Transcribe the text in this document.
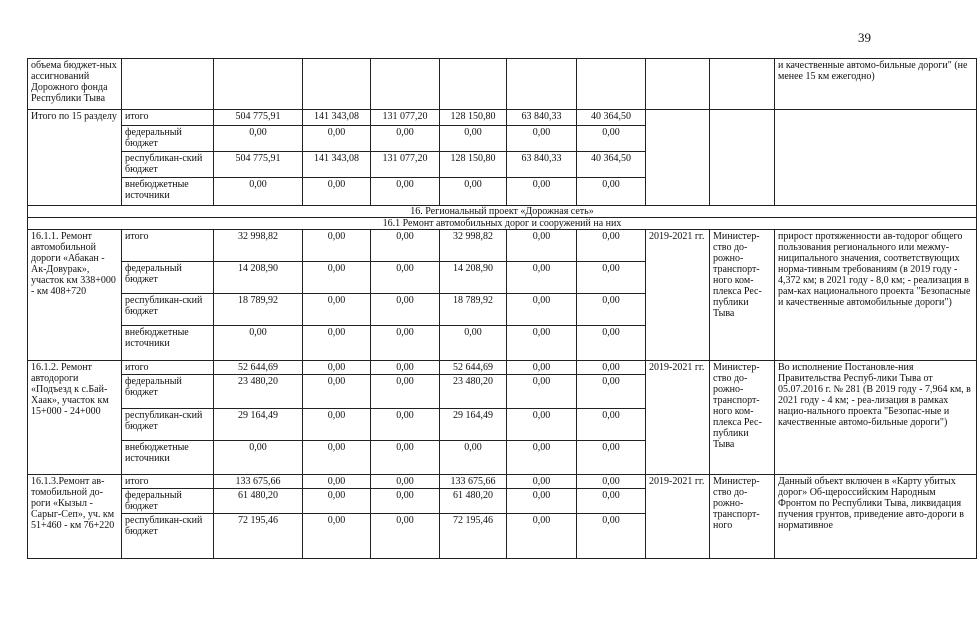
39
объема бюджет-ных ассигнований Дорожного фонда Республики Тыва										и качественные автомо-бильные дороги" (не менее 15 км ежегодно)
Итого по 15 разделу	итого	504 775,91	141 343,08	131 077,20	128 150,80	63 840,33	40 364,50			
	федеральный бюджет	0,00	0,00	0,00	0,00	0,00	0,00			
	республикан-ский бюджет	504 775,91	141 343,08	131 077,20	128 150,80	63 840,33	40 364,50			
	внебюджетные источники	0,00	0,00	0,00	0,00	0,00	0,00			
16. Региональный проект «Дорожная сеть»										
16.1 Ремонт автомобильных дорог и сооружений на них										
16.1.1. Ремонт автомобильной дороги «Абакан - Ак-Довурак», участок км 338+000 - км 408+720	итого	32 998,82	0,00	0,00	32 998,82	0,00	0,00	2019-2021 гг.	Министер-ство до-рожно-транспорт-ного ком-плекса Рес-публики Тыва	прирост протяженности ав-тодорог общего пользования регионального или межму-ниципального значения, соответствующих норма-тивным требованиям (в 2019 году - 4,372 км; в 2021 году - 8,0 км; - реализация в рам-ках национального проекта "Безопасные и качественные автомобильные дороги")
	федеральный бюджет	14 208,90	0,00	0,00	14 208,90	0,00	0,00			
	республикан-ский бюджет	18 789,92	0,00	0,00	18 789,92	0,00	0,00			
	внебюджетные источники	0,00	0,00	0,00	0,00	0,00	0,00			
16.1.2. Ремонт автодороги «Подъезд к с.Бай-Хаак», участок км 15+000 - 24+000	итого	52 644,69	0,00	0,00	52 644,69	0,00	0,00	2019-2021 гг.	Министер-ство до-рожно-транспорт-ного ком-плекса Рес-публики Тыва	Во исполнение Постановле-ния Правительства Респуб-лики Тыва от 05.07.2016 г. № 281 (В 2019 году - 7,964 км, в 2021 году - 4 км; - реа-лизация в рамках нацио-нального проекта "Безопас-ные и качественные автомо-бильные дороги")
	федеральный бюджет	23 480,20	0,00	0,00	23 480,20	0,00	0,00			
	республикан-ский бюджет	29 164,49	0,00	0,00	29 164,49	0,00	0,00			
	внебюджетные источники	0,00	0,00	0,00	0,00	0,00	0,00			
16.1.3.Ремонт ав-томобильной до-роги «Кызыл - Сарыг-Сеп», уч. км 51+460 - км 76+220	итого	133 675,66	0,00	0,00	133 675,66	0,00	0,00	2019-2021 гг.	Министер-ство до-рожно-транспорт-ного	Данный объект включен в «Карту убитых дорог» Об-щероссийским Народным Фронтом по Республики Тыва, ликвидация пучения грунтов, приведение авто-дороги в нормативное
	федеральный бюджет	61 480,20	0,00	0,00	61 480,20	0,00	0,00			
	республикан-ский бюджет	72 195,46	0,00	0,00	72 195,46	0,00	0,00			
